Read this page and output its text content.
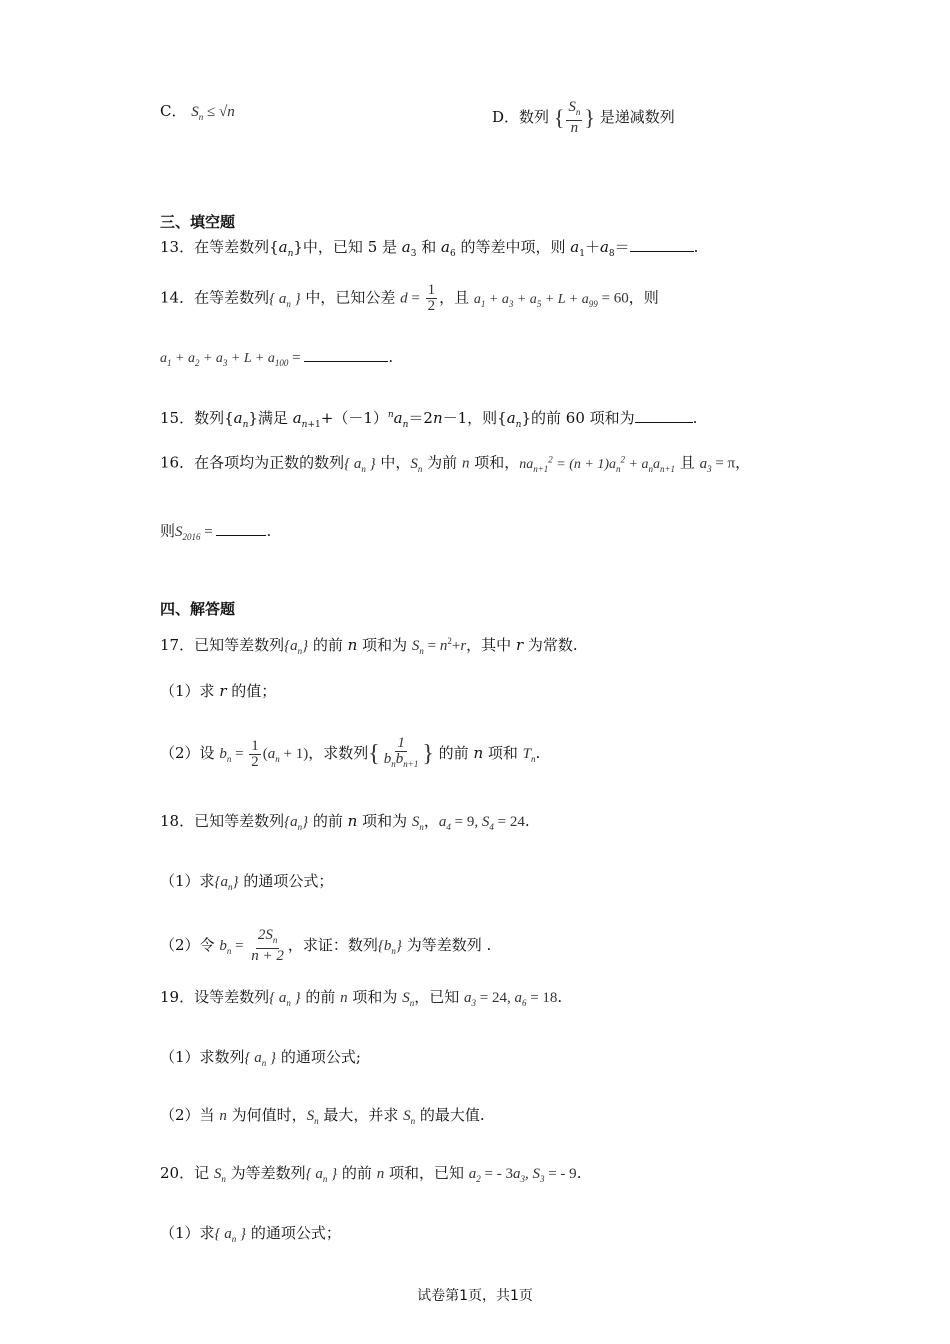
C． $S_n \le √n$	D．数列 { $\frac{S_n}{n}$ } 是递减数列
三、填空题
13．在等差数列$\{a_n\}$中，已知 5 是 $a_3$ 和 $a_6$ 的等差中项，则 $a_1+a_8=$	.
14．在等差数列{ $a_n$ } 中，已知公差 $d = \frac{1}{2}$ ，且 $a_1 + a_3 + a_5 + L + a_{99} = 60$，则
$a_1 + a_2 + a_3 + L + a_{100}$ =	.
15．数列$\{a_n\}$满足 $a_{n+1}+(-1)^na_n=2n-1$，则$\{a_n\}$的前 60 项和为	.
16．在各项均为正数的数列{ $a_n$ } 中，$S_n$ 为前 n 项和，$na_{n+1}^2 = (n + 1)a_n^2 + a_na_{n+1}$ 且 $a_3 = \pi$，
则$S_{2016}$ =	.
四、解答题
17．已知等差数列$\{a_n\}$ 的前 n 项和为 $S_n = n^2+r$，其中 r 为常数.
（1）求 r 的值；
（2）设 $b_n = \frac{1}{2} (a_n + 1)$，求数列{ $\frac{1}{b_nb_{n+1}}$ } 的前 n 项和 $T_n$.
18．已知等差数列$\{a_n\}$ 的前 n 项和为 $S_n$，$a_4 = 9$, $S_4 = 24$.
（1）求$\{a_n\}$ 的通项公式；
（2）令 $b_n = \frac{2S_n}{n + 2}$ ，求证：数列$\{b_n\}$ 为等差数列 .
19．设等差数列{ $a_n$ } 的前 n 项和为 $S_n$，已知 $a_3 = 24$, $a_6 = 18$.
（1）求数列{ $a_n$ } 的通项公式;
（2）当 n 为何值时，$S_n$ 最大，并求 $S_n$ 的最大值.
20．记 $S_n$ 为等差数列{ $a_n$ } 的前 n 项和，已知 $a_2$ = - $3a_3$, $S_3$ = - 9.
（1）求{ $a_n$ } 的通项公式；
试卷第1页，共1页
